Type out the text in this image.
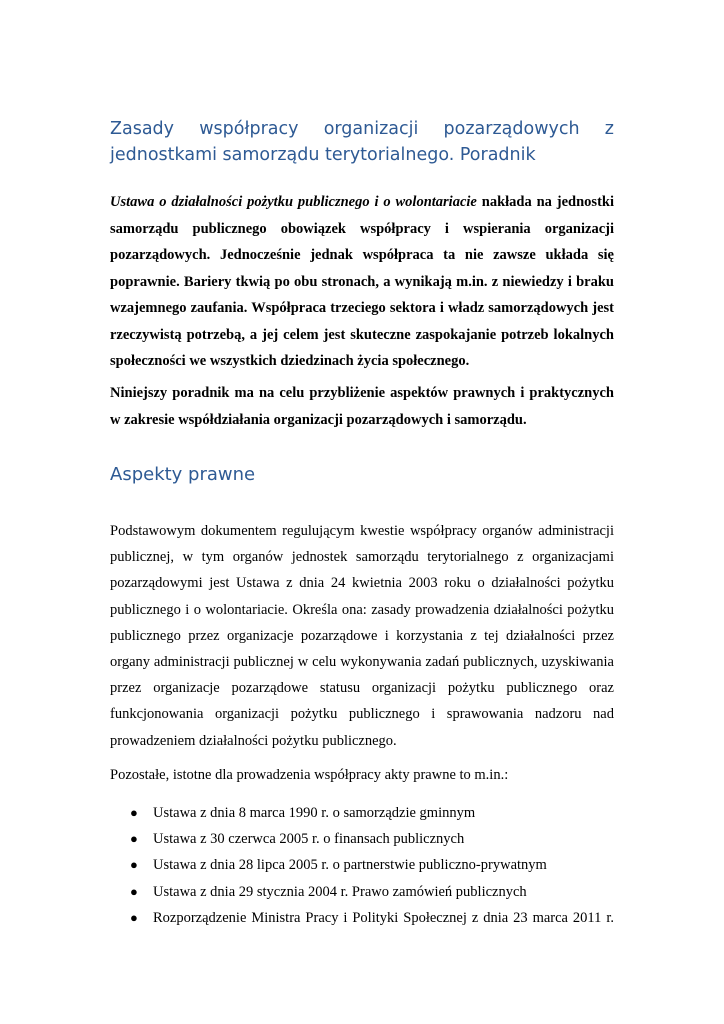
Zasady współpracy organizacji pozarządowych z jednostkami samorządu terytorialnego. Poradnik

Ustawa o działalności pożytku publicznego i o wolontariacie nakłada na jednostki samorządu publicznego obowiązek współpracy i wspierania organizacji pozarządowych. Jednocześnie jednak współpraca ta nie zawsze układa się poprawnie. Bariery tkwią po obu stronach, a wynikają m.in. z niewiedzy i braku wzajemnego zaufania. Współpraca trzeciego sektora i władz samorządowych jest rzeczywistą potrzebą, a jej celem jest skuteczne zaspokajanie potrzeb lokalnych społeczności we wszystkich dziedzinach życia społecznego.

Niniejszy poradnik ma na celu przybliżenie aspektów prawnych i praktycznych w zakresie współdziałania organizacji pozarządowych i samorządu.

Aspekty prawne

Podstawowym dokumentem regulującym kwestie współpracy organów administracji publicznej, w tym organów jednostek samorządu terytorialnego z organizacjami pozarządowymi jest Ustawa z dnia 24 kwietnia 2003 roku o działalności pożytku publicznego i o wolontariacie. Określa ona: zasady prowadzenia działalności pożytku publicznego przez organizacje pozarządowe i korzystania z tej działalności przez organy administracji publicznej w celu wykonywania zadań publicznych, uzyskiwania przez organizacje pozarządowe statusu organizacji pożytku publicznego oraz funkcjonowania organizacji pożytku publicznego i sprawowania nadzoru nad prowadzeniem działalności pożytku publicznego.

Pozostałe, istotne dla prowadzenia współpracy akty prawne to m.in.:

● Ustawa z dnia 8 marca 1990 r. o samorządzie gminnym
● Ustawa z 30 czerwca 2005 r. o finansach publicznych
● Ustawa z dnia 28 lipca 2005 r. o partnerstwie publiczno-prywatnym
● Ustawa z dnia 29 stycznia 2004 r. Prawo zamówień publicznych
● Rozporządzenie Ministra Pracy i Polityki Społecznej z dnia 23 marca 2011 r.
